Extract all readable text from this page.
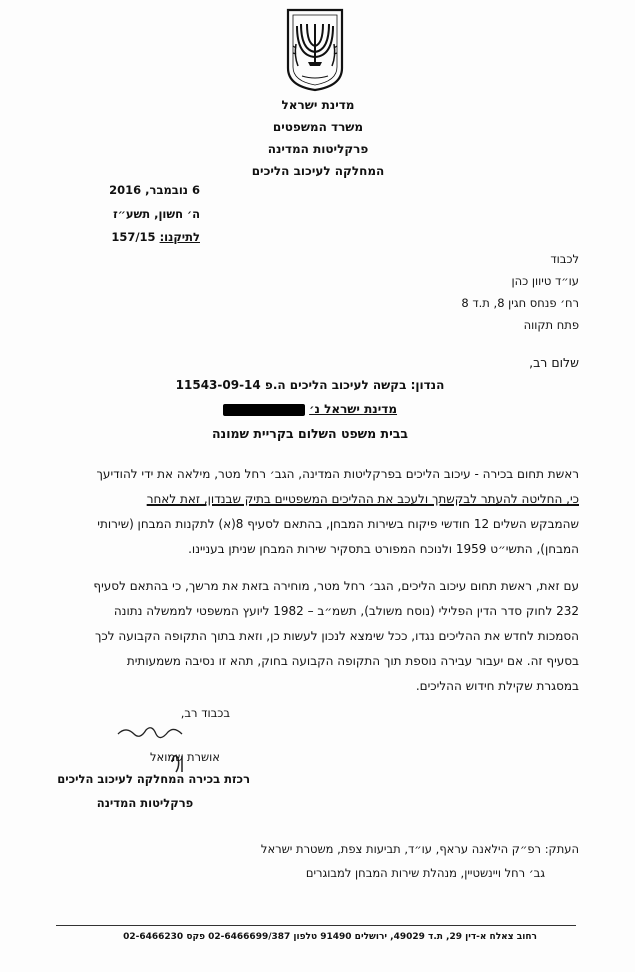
מדינת ישראל
משרד המשפטים
פרקליטות המדינה
המחלקה לעיכוב הליכים
6 נובמבר, 2016
ה׳ חשון, תשע״ז
לתיקנו: 157/15
לכבוד
עו״ד טיוון כהן
רח׳ פנחס חגין 8, ת.ד 8
פתח תקווה
שלום רב,
הנדון: בקשה לעיכוב הליכים ה.פ 11543-09-14
מדינת ישראל נ׳
בבית משפט השלום בקריית שמונה
ראשת תחום בכירה - עיכוב הליכים בפרקליטות המדינה, הגב׳ רחל מטר, מילאה את ידי להודיעך
כי, החליטה להעתר לבקשתך ולעכב את ההליכים המשפטיים בתיק שבנדון, זאת לאחר
שהמבקש השלים 12 חודשי פיקוח בשירות המבחן, בהתאם לסעיף 8(א) לתקנות המבחן (שירותי
המבחן), התשי״ט 1959 ולנוכח המפורט בתסקיר שירות המבחן שניתן בעניינו.
עם זאת, ראשת תחום עיכוב הליכים, הגב׳ רחל מטר, מוחירה בזאת את מרשך, כי בהתאם לסעיף
232 לחוק סדר הדין הפלילי (נוסח משולב), תשמ״ב – 1982 ליועץ המשפטי לממשלה נתונה
הסמכות לחדש את ההליכים נגדו, ככל שימצא לנכון לעשות כן, וזאת בתוך התקופה הקבועה לכך
בסעיף זה. אם יעבור עבירה נוספת תוך התקופה הקבועה בחוק, תהא זו נסיבה משמעותית
במסגרת שקילת חידוש ההליכים.
בכבוד רב,
אושרת שמואל
רכזת בכירה המחלקה לעיכוב הליכים
פרקליטות המדינה
העתק: רפ״ק הילאנה עראף, עו״ד, תביעות צפת, משטרת ישראל
גב׳ רחל ויינשטיין, מנהלת שירות המבחן למבוגרים
רחוב צאלח א-דין 29, ת.ד 49029, ירושלים 91490 טלפון 02-6466699/387 פקס 02-6466230
